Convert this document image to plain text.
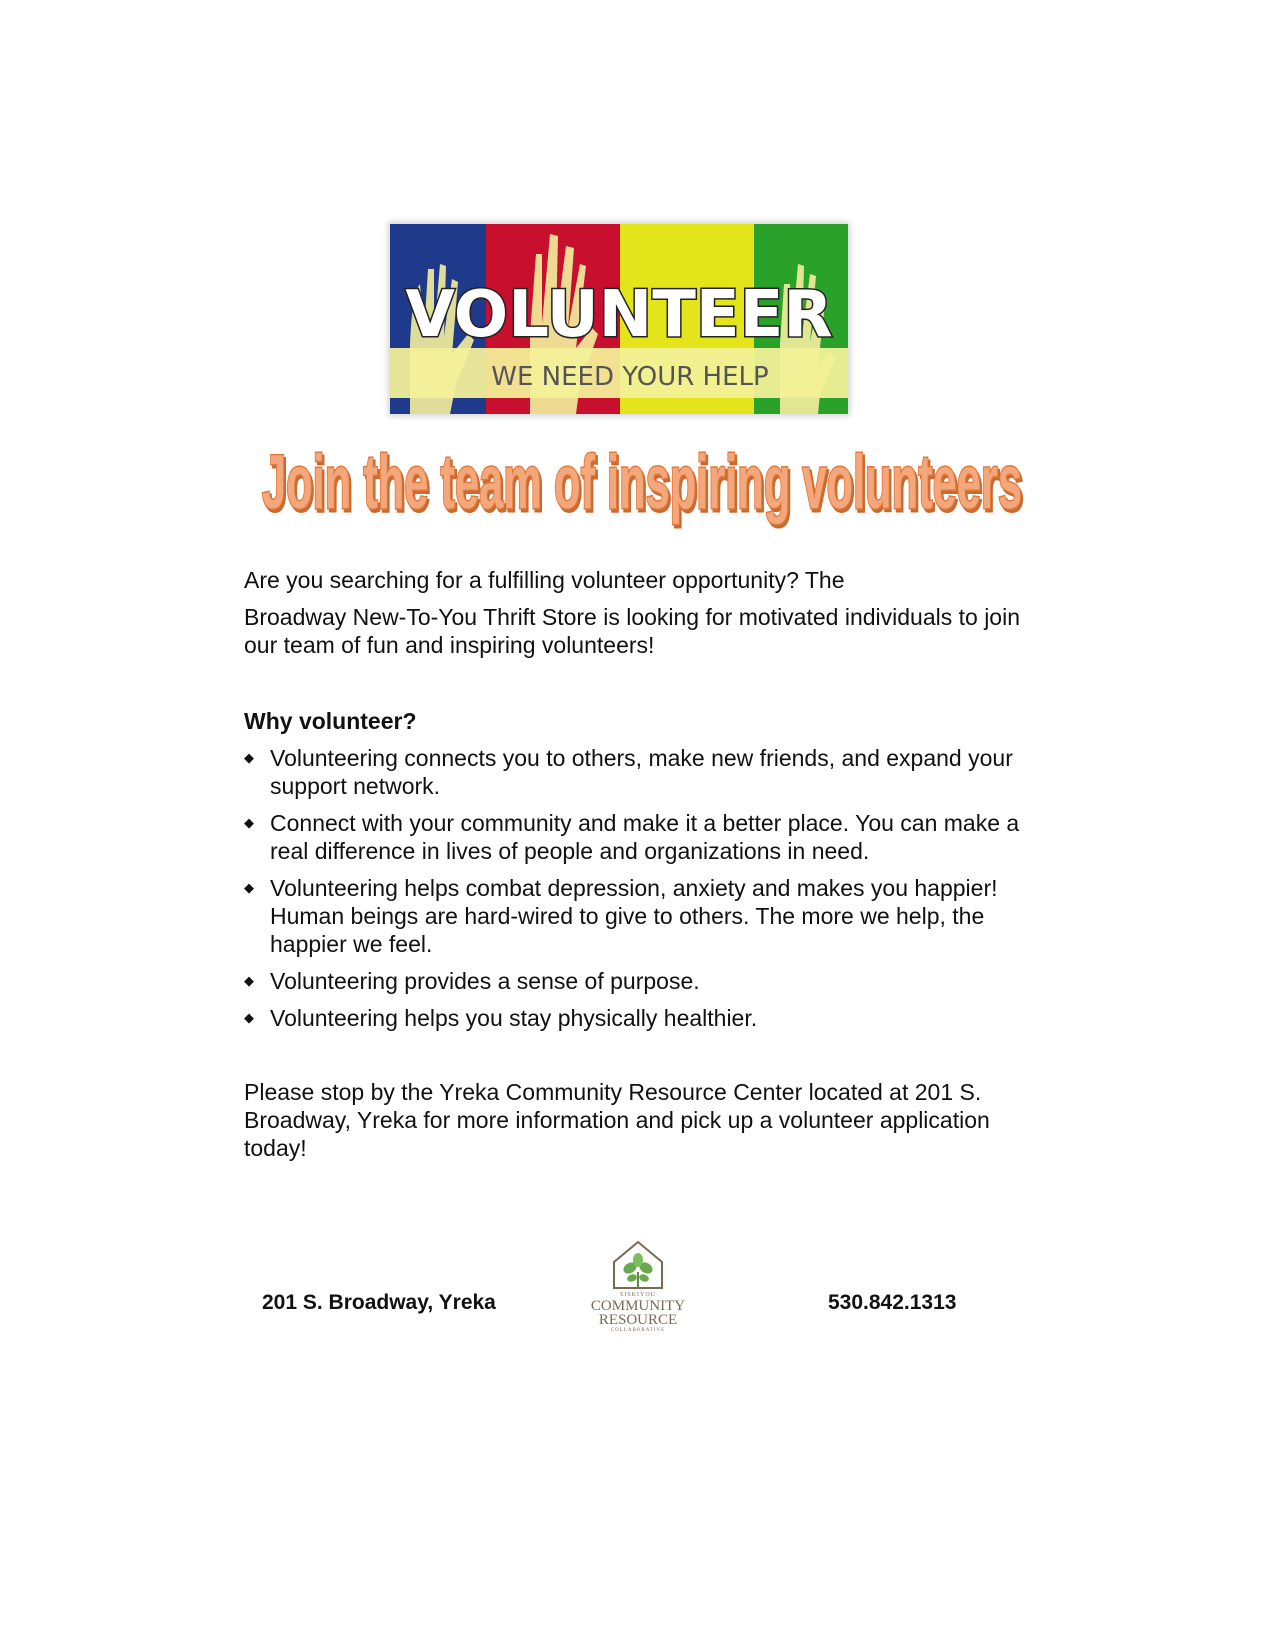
VOLUNTEER
WE NEED YOUR HELP
Join the team of inspiring volunteers
Are you searching for a fulfilling volunteer opportunity? The
Broadway New-To-You Thrift Store is looking for motivated individuals to join our team of fun and inspiring volunteers!
Why volunteer?
◆ Volunteering connects you to others, make new friends, and expand your support network.
◆ Connect with your community and make it a better place. You can make a real difference in lives of people and organizations in need.
◆ Volunteering helps combat depression, anxiety and makes you happier! Human beings are hard-wired to give to others. The more we help, the happier we feel.
◆ Volunteering provides a sense of purpose.
◆ Volunteering helps you stay physically healthier.
Please stop by the Yreka Community Resource Center located at 201 S. Broadway, Yreka for more information and pick up a volunteer application today!
201 S. Broadway, Yreka	SISKIYOU
COMMUNITY
RESOURCE
COLLABORATIVE
530.842.1313
